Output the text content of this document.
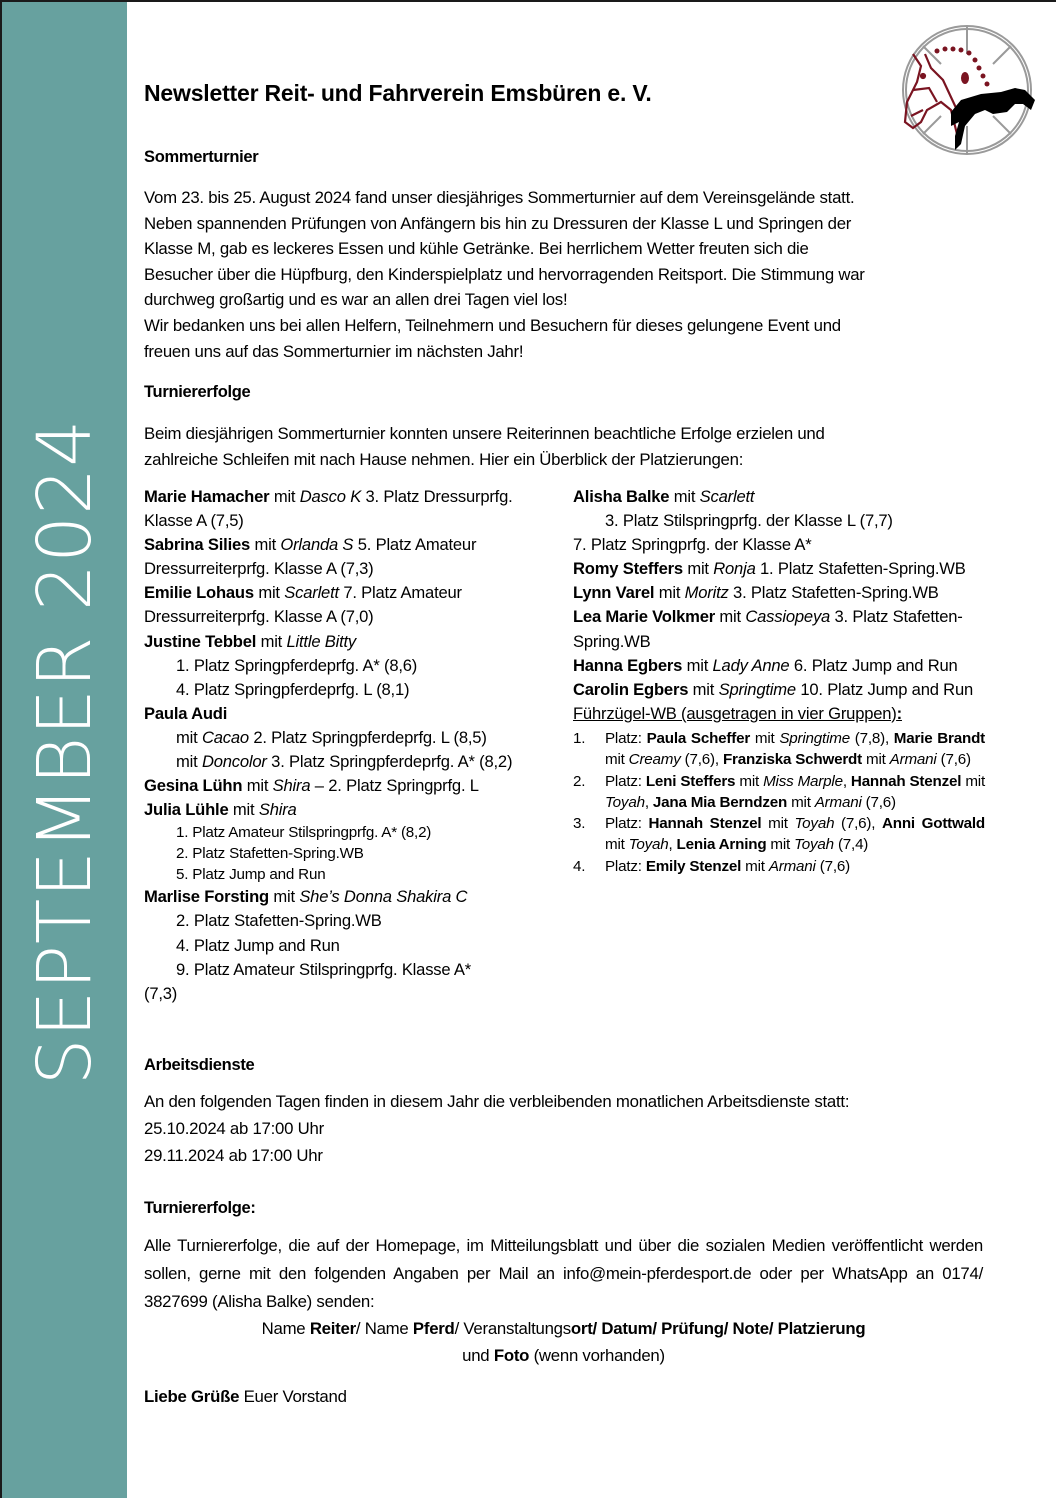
SEPTEMBER 2024
Newsletter Reit- und Fahrverein Emsbüren e. V.
Sommerturnier
Vom 23. bis 25. August 2024 fand unser diesjähriges Sommerturnier auf dem Vereinsgelände statt.
Neben spannenden Prüfungen von Anfängern bis hin zu Dressuren der Klasse L und Springen der
Klasse M, gab es leckeres Essen und kühle Getränke. Bei herrlichem Wetter freuten sich die
Besucher über die Hüpfburg, den Kinderspielplatz und hervorragenden Reitsport. Die Stimmung war
durchweg großartig und es war an allen drei Tagen viel los!
Wir bedanken uns bei allen Helfern, Teilnehmern und Besuchern für dieses gelungene Event und
freuen uns auf das Sommerturnier im nächsten Jahr!
Turniererfolge
Beim diesjährigen Sommerturnier konnten unsere Reiterinnen beachtliche Erfolge erzielen und
zahlreiche Schleifen mit nach Hause nehmen. Hier ein Überblick der Platzierungen:
Marie Hamacher mit Dasco K 3. Platz Dressurprfg. Klasse A (7,5)
Sabrina Silies mit Orlanda S 5. Platz Amateur Dressurreiterprfg. Klasse A (7,3)
Emilie Lohaus mit Scarlett 7. Platz Amateur Dressurreiterprfg. Klasse A (7,0)
Justine Tebbel mit Little Bitty
1. Platz Springpferdeprfg. A* (8,6)
4. Platz Springpferdeprfg. L (8,1)
Paula Audi
mit Cacao 2. Platz Springpferdeprfg. L (8,5)
mit Doncolor 3. Platz Springpferdeprfg. A* (8,2)
Gesina Lühn mit Shira – 2. Platz Springprfg. L
Julia Lühle mit Shira
1. Platz Amateur Stilspringprfg. A* (8,2)
2. Platz Stafetten-Spring.WB
5. Platz Jump and Run
Marlise Forsting mit She’s Donna Shakira C
2. Platz Stafetten-Spring.WB
4. Platz Jump and Run
9. Platz Amateur Stilspringprfg. Klasse A*
(7,3)
Alisha Balke mit Scarlett
3. Platz Stilspringprfg. der Klasse L (7,7)
7. Platz Springprfg. der Klasse A*
Romy Steffers mit Ronja 1. Platz Stafetten-Spring.WB
Lynn Varel mit Moritz 3. Platz Stafetten-Spring.WB
Lea Marie Volkmer mit Cassiopeya 3. Platz Stafetten-Spring.WB
Hanna Egbers mit Lady Anne 6. Platz Jump and Run
Carolin Egbers mit Springtime 10. Platz Jump and Run
Führzügel-WB (ausgetragen in vier Gruppen):
1. Platz: Paula Scheffer mit Springtime (7,8), Marie Brandt mit Creamy (7,6), Franziska Schwerdt mit Armani (7,6)
2. Platz: Leni Steffers mit Miss Marple, Hannah Stenzel mit Toyah, Jana Mia Berndzen mit Armani (7,6)
3. Platz: Hannah Stenzel mit Toyah (7,6), Anni Gottwald mit Toyah, Lenia Arning mit Toyah (7,4)
4. Platz: Emily Stenzel mit Armani (7,6)
Arbeitsdienste
An den folgenden Tagen finden in diesem Jahr die verbleibenden monatlichen Arbeitsdienste statt:
25.10.2024 ab 17:00 Uhr
29.11.2024 ab 17:00 Uhr
Turniererfolge:
Alle Turniererfolge, die auf der Homepage, im Mitteilungsblatt und über die sozialen Medien veröffentlicht werden sollen, gerne mit den folgenden Angaben per Mail an info@mein-pferdesport.de oder per WhatsApp an 0174/ 3827699 (Alisha Balke) senden:
Name Reiter/ Name Pferd/ Veranstaltungsort/ Datum/ Prüfung/ Note/ Platzierung
und Foto (wenn vorhanden)
Liebe Grüße Euer Vorstand
